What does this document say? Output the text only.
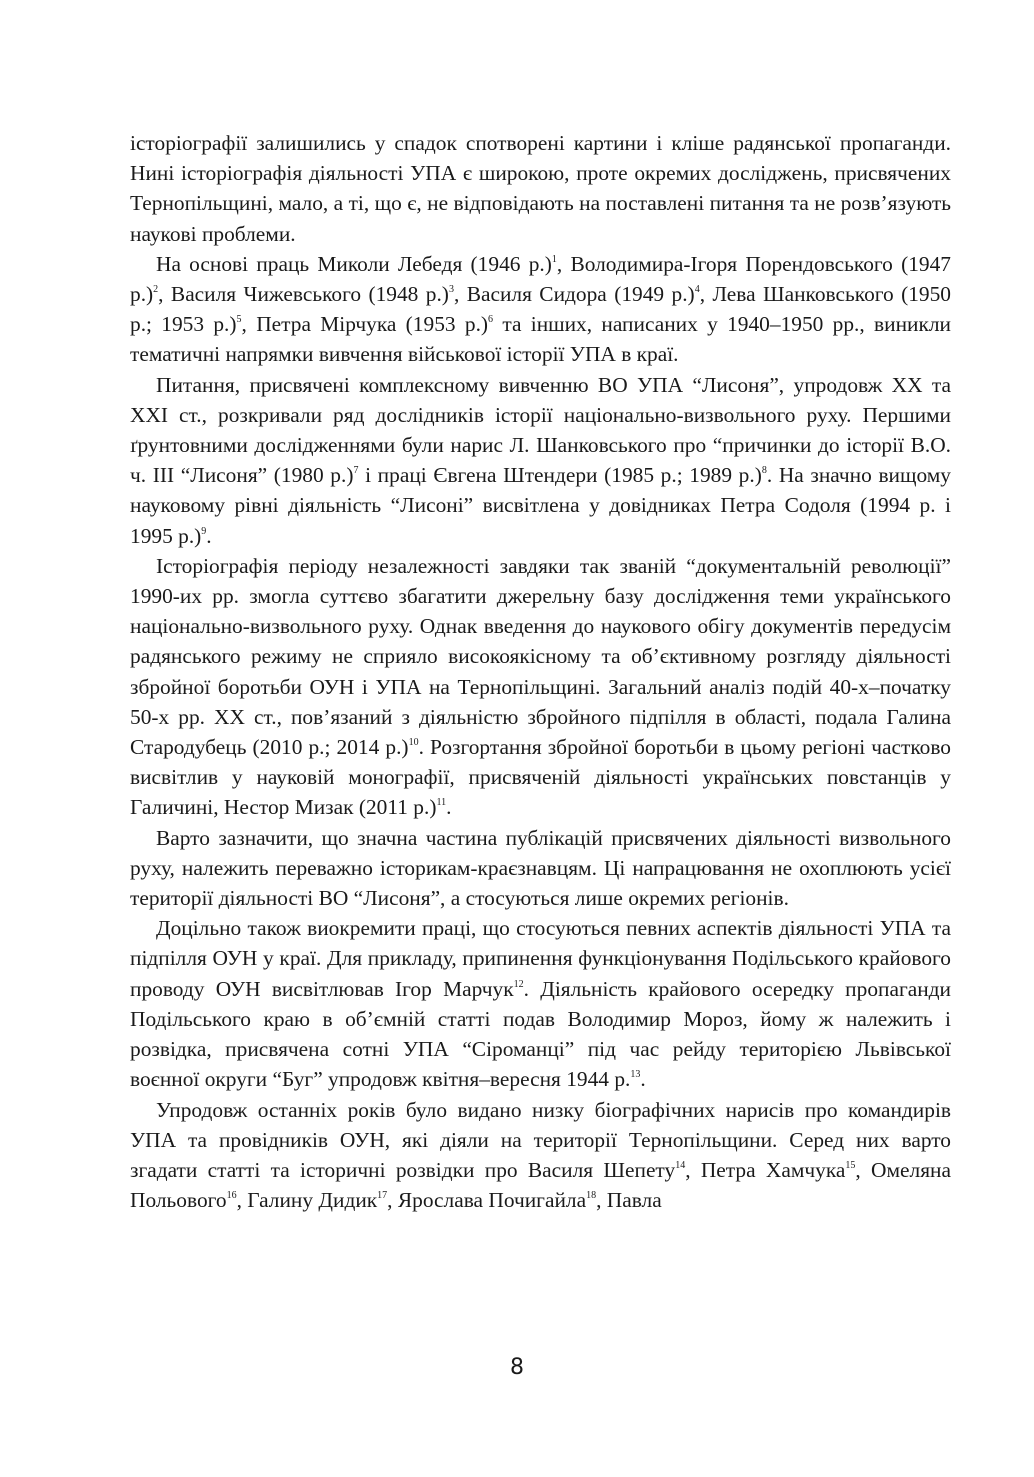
історіографії залишились у спадок спотворені картини і кліше радянської пропаганди. Нині історіографія діяльності УПА є широкою, проте окремих досліджень, присвячених Тернопільщині, мало, а ті, що є, не відповідають на поставлені питання та не розв’язують наукові проблеми.

На основі праць Миколи Лебедя (1946 р.)$^1$, Володимира-Ігоря Порендовського (1947 р.)$^2$, Василя Чижевського (1948 р.)$^3$, Василя Сидора (1949 р.)$^4$, Лева Шанковського (1950 р.; 1953 р.)$^5$, Петра Мірчука (1953 р.)$^6$ та інших, написаних у 1940–1950 рр., виникли тематичні напрямки вивчення військової історії УПА в краї.

Питання, присвячені комплексному вивченню ВО УПА “Лисоня”, упродовж ХХ та ХХІ ст., розкривали ряд дослідників історії національно-визвольного руху. Першими ґрунтовними дослідженнями були нарис Л. Шанковського про “причинки до історії В.О. ч. ІІІ “Лисоня” (1980 р.)$^7$ і праці Євгена Штендери (1985 р.; 1989 р.)$^8$. На значно вищому науковому рівні діяльність “Лисоні” висвітлена у довідниках Петра Содоля (1994 р. і 1995 р.)$^9$.

Історіографія періоду незалежності завдяки так званій “документальній революції” 1990-их рр. змогла суттєво збагатити джерельну базу дослідження теми українського національно-визвольного руху. Однак введення до наукового обігу документів передусім радянського режиму не сприяло високоякісному та об’єктивному розгляду діяльності збройної боротьби ОУН і УПА на Тернопільщині. Загальний аналіз подій 40-х–початку 50-х рр. ХХ ст., пов’язаний з діяльністю збройного підпілля в області, подала Галина Стародубець (2010 р.; 2014 р.)$^{10}$. Розгортання збройної боротьби в цьому регіоні частково висвітлив у науковій монографії, присвяченій діяльності українських повстанців у Галичині, Нестор Мизак (2011 р.)$^{11}$.

Варто зазначити, що значна частина публікацій присвячених діяльності визвольного руху, належить переважно історикам-краєзнавцям. Ці напрацювання не охоплюють усієї території діяльності ВО “Лисоня”, а стосуються лише окремих регіонів.

Доцільно також виокремити праці, що стосуються певних аспектів діяльності УПА та підпілля ОУН у краї. Для прикладу, припинення функціонування Подільського крайового проводу ОУН висвітлював Ігор Марчук$^{12}$. Діяльність крайового осередку пропаганди Подільського краю в об’ємній статті подав Володимир Мороз, йому ж належить і розвідка, присвячена сотні УПА “Сіроманці” під час рейду територією Львівської воєнної округи “Буг” упродовж квітня–вересня 1944 р.$^{13}$.

Упродовж останніх років було видано низку біографічних нарисів про командирів УПА та провідників ОУН, які діяли на території Тернопільщини. Серед них варто згадати статті та історичні розвідки про Василя Шепету$^{14}$, Петра Хамчука$^{15}$, Омеляна Польового$^{16}$, Галину Дидик$^{17}$, Ярослава Почигайла$^{18}$, Павла

8
